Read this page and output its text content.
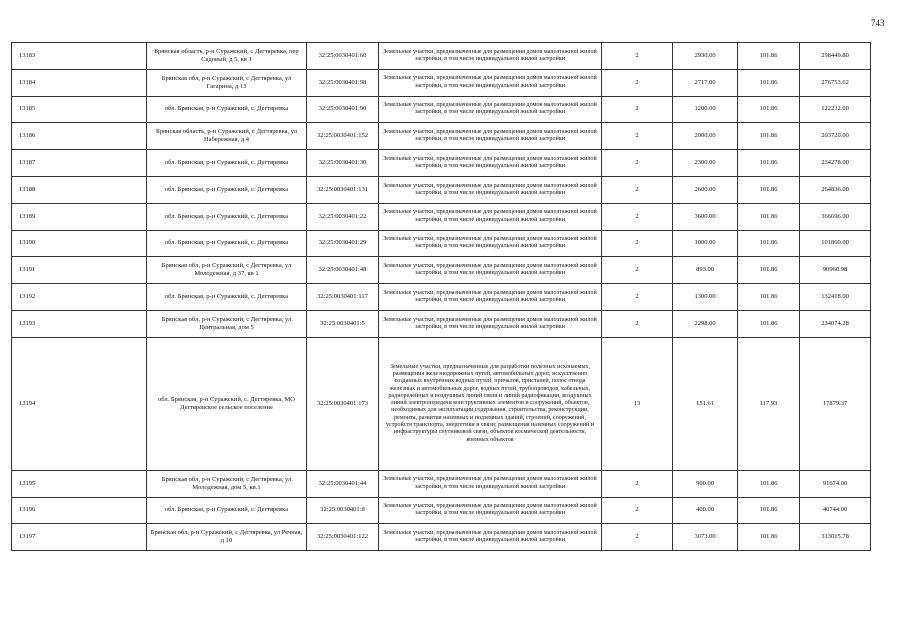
743
13183	Брянская область, р-н Суражский, с Дегтяревка, пер Садовый, д 5, кв 1	32:25:0030401:60	Земельные участки, предназначенные для размещения домов малоэтажной жилой застройки, в том числе индивидуальной жилой застройки	2	2930.00	101.86	298449.80
13184	Брянская обл, р-н Суражский, с Дегтяревка, ул Гагарина, д 13	32:25:0030401:98	Земельные участки, предназначенные для размещения домов малоэтажной жилой застройки, в том числе индивидуальной жилой застройки	2	2717.00	101.86	276753.62
13185	обл. Брянская, р-н Суражский, с. Дегтяревка	32:25:0030401:90	Земельные участки, предназначенные для размещения домов малоэтажной жилой застройки, в том числе индивидуальной жилой застройки	2	1200.00	101.86	122232.00
13186	Брянская область, р-н Суражский, с Дегтяревка, ул Набережная, д 4	32:25:0030401:152	Земельные участки, предназначенные для размещения домов малоэтажной жилой застройки, в том числе индивидуальной жилой застройки	2	2000.00	101.86	203720.00
13187	обл. Брянская, р-н Суражский, с. Дегтяревка	32:25:0030401:30	Земельные участки, предназначенные для размещения домов малоэтажной жилой застройки, в том числе индивидуальной жилой застройки	2	2300.00	101.86	234278.00
13188	обл. Брянская, р-н Суражский, с. Дегтяревка	32:25:0030401:131	Земельные участки, предназначенные для размещения домов малоэтажной жилой застройки, в том числе индивидуальной жилой застройки	2	2600.00	101.86	264836.00
13189	обл. Брянская, р-н Суражский, с. Дегтяревка	32:25:0030401:22	Земельные участки, предназначенные для размещения домов малоэтажной жилой застройки, в том числе индивидуальной жилой застройки	2	3600.00	101.86	366696.00
13190	обл. Брянская, р-н Суражский, с. Дегтяревка	32:25:0030401:29	Земельные участки, предназначенные для размещения домов малоэтажной жилой застройки, в том числе индивидуальной жилой застройки	2	1000.00	101.86	101860.00
13191	Брянская обл, р-н Суражский, с Дегтяревка, ул Молодежная, д 37, кв 1	32:25:0030401:48	Земельные участки, предназначенные для размещения домов малоэтажной жилой застройки, в том числе индивидуальной жилой застройки	2	893.00	101.86	90960.98
13192	обл. Брянская, р-н Суражский, с. Дегтяревка	32:25:0030401:117	Земельные участки, предназначенные для размещения домов малоэтажной жилой застройки, в том числе индивидуальной жилой застройки	2	1300.00	101.86	132418.00
13193	Брянская обл, р-н Суражский, с Дегтяревка, ул Центральная, дом 5	32:25:0030401:5	Земельные участки, предназначенные для размещения домов малоэтажной жилой застройки, в том числе индивидуальной жилой застройки	2	2298.00	101.86	234074.28
13194	обл. Брянская, р-н Суражский, с. Дегтяревка, МО Дегтяревское сельское поселение	32:25:0030401:173	Земельные участки, предназначенные для разработки полезных ископаемых, размещения железнодорожных путей, автомобильных дорог, искусственно созданных внутренних водных путей, причалов, пристаней, полос отвода железных и автомобильных дорог, водных путей, трубопроводов, кабельных, радиорелейных и воздушных линий связи и линий радиофикации, воздушных линий электропередачи конструктивных элементов и сооружений, объектов, необходимых для эксплуатации,содержания, строительства, реконструкции, ремонта, развития наземных и подземных зданий, строений, сооружений, устройств транспорта, энергетики и связи; размещения наземных сооружений и инфраструктуры спутниковой связи, объектов космической деятельности, военных объектов	13	151.61	117.93	17879.37
13195	Брянская обл, р-н Суражский, с Дегтяревка, ул Молодежная, дом 5, кв.1	32:25:0030401:44	Земельные участки, предназначенные для размещения домов малоэтажной жилой застройки, в том числе индивидуальной жилой застройки	2	900.00	101.86	91674.00
13196	обл. Брянская, р-н Суражский, с. Дегтяревка	32:25:0030401:8	Земельные участки, предназначенные для размещения домов малоэтажной жилой застройки, в том числе индивидуальной жилой застройки	2	400.00	101.86	40744.00
13197	Брянская обл, р-н Суражский, с Дегтяревка, ул Речная, д 10	32:25:0030401:122	Земельные участки, предназначенные для размещения домов малоэтажной жилой застройки, в том числе индивидуальной жилой застройки	2	3073.00	101.86	313015.78
